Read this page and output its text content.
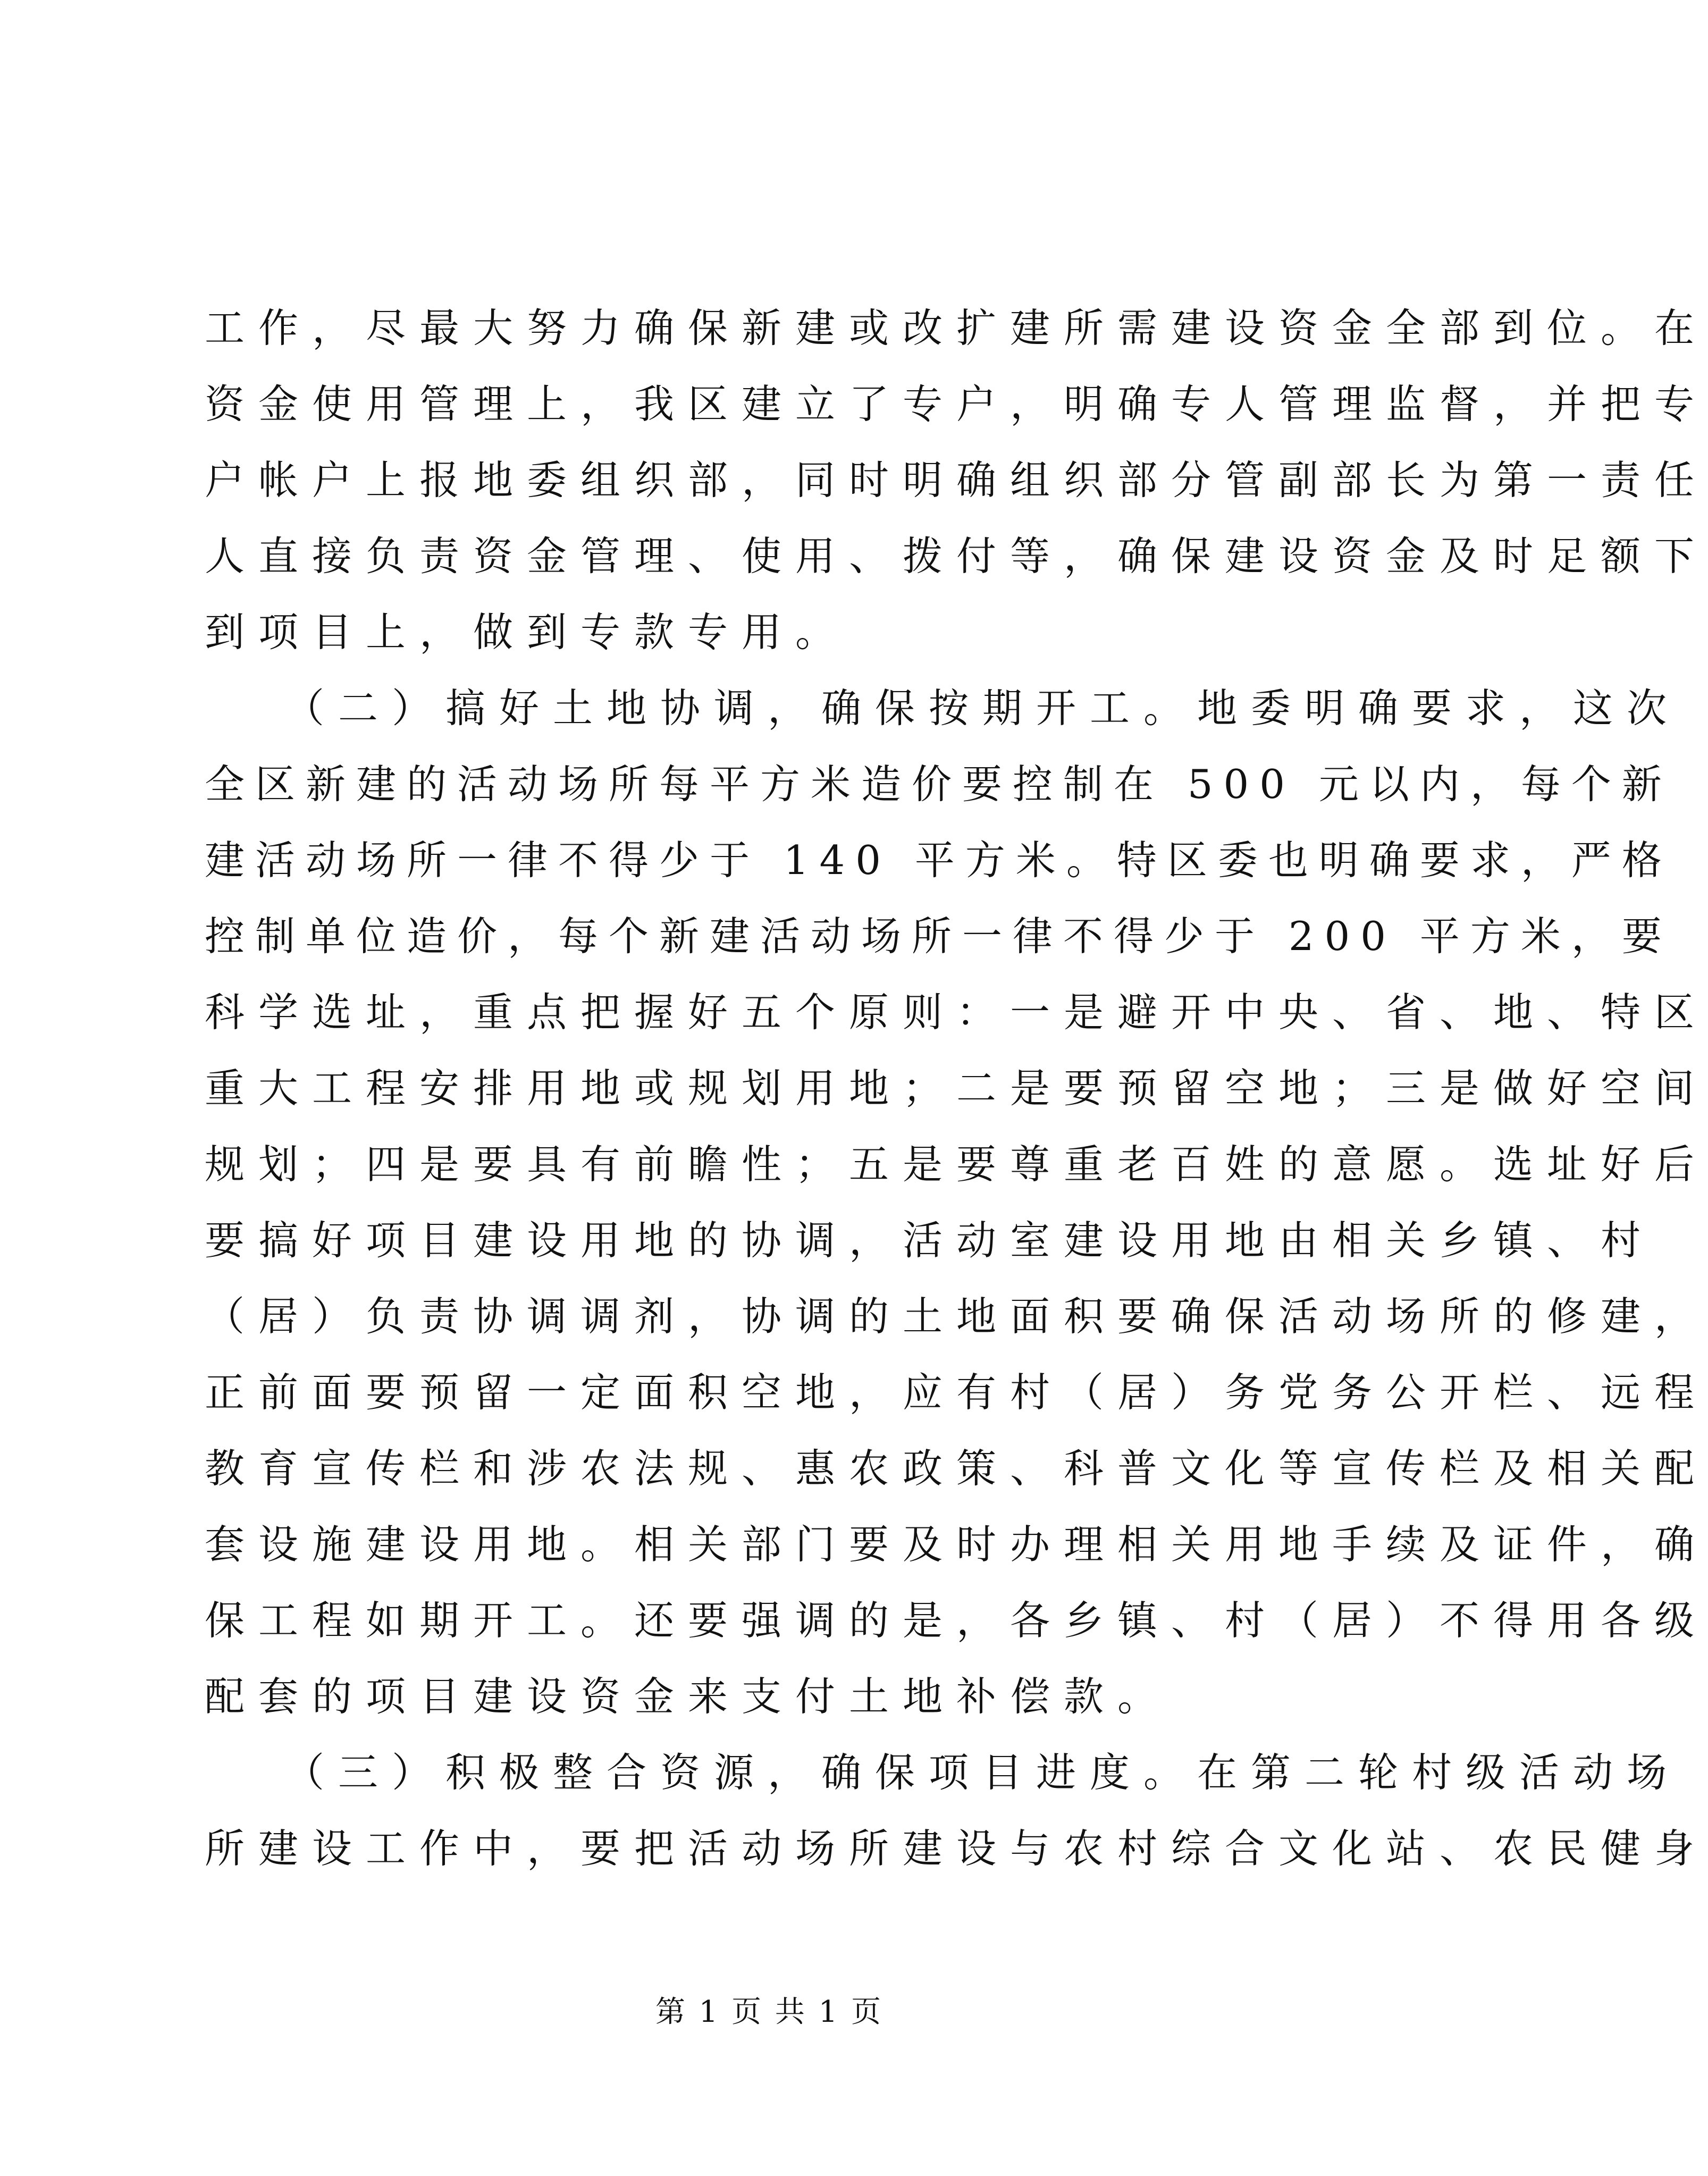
工作，尽最大努力确保新建或改扩建所需建设资金全部到位。在
资金使用管理上，我区建立了专户，明确专人管理监督，并把专
户帐户上报地委组织部，同时明确组织部分管副部长为第一责任
人直接负责资金管理、使用、拨付等，确保建设资金及时足额下
到项目上，做到专款专用。
（二）搞好土地协调，确保按期开工。地委明确要求，这次
全区新建的活动场所每平方米造价要控制在 500 元以内，每个新
建活动场所一律不得少于 140 平方米。特区委也明确要求，严格
控制单位造价，每个新建活动场所一律不得少于 200 平方米，要
科学选址，重点把握好五个原则：一是避开中央、省、地、特区
重大工程安排用地或规划用地；二是要预留空地；三是做好空间
规划；四是要具有前瞻性；五是要尊重老百姓的意愿。选址好后
要搞好项目建设用地的协调，活动室建设用地由相关乡镇、村
（居）负责协调调剂，协调的土地面积要确保活动场所的修建，
正前面要预留一定面积空地，应有村（居）务党务公开栏、远程
教育宣传栏和涉农法规、惠农政策、科普文化等宣传栏及相关配
套设施建设用地。相关部门要及时办理相关用地手续及证件，确
保工程如期开工。还要强调的是，各乡镇、村（居）不得用各级
配套的项目建设资金来支付土地补偿款。
（三）积极整合资源，确保项目进度。在第二轮村级活动场
所建设工作中，要把活动场所建设与农村综合文化站、农民健身
第 1 页 共 1 页
